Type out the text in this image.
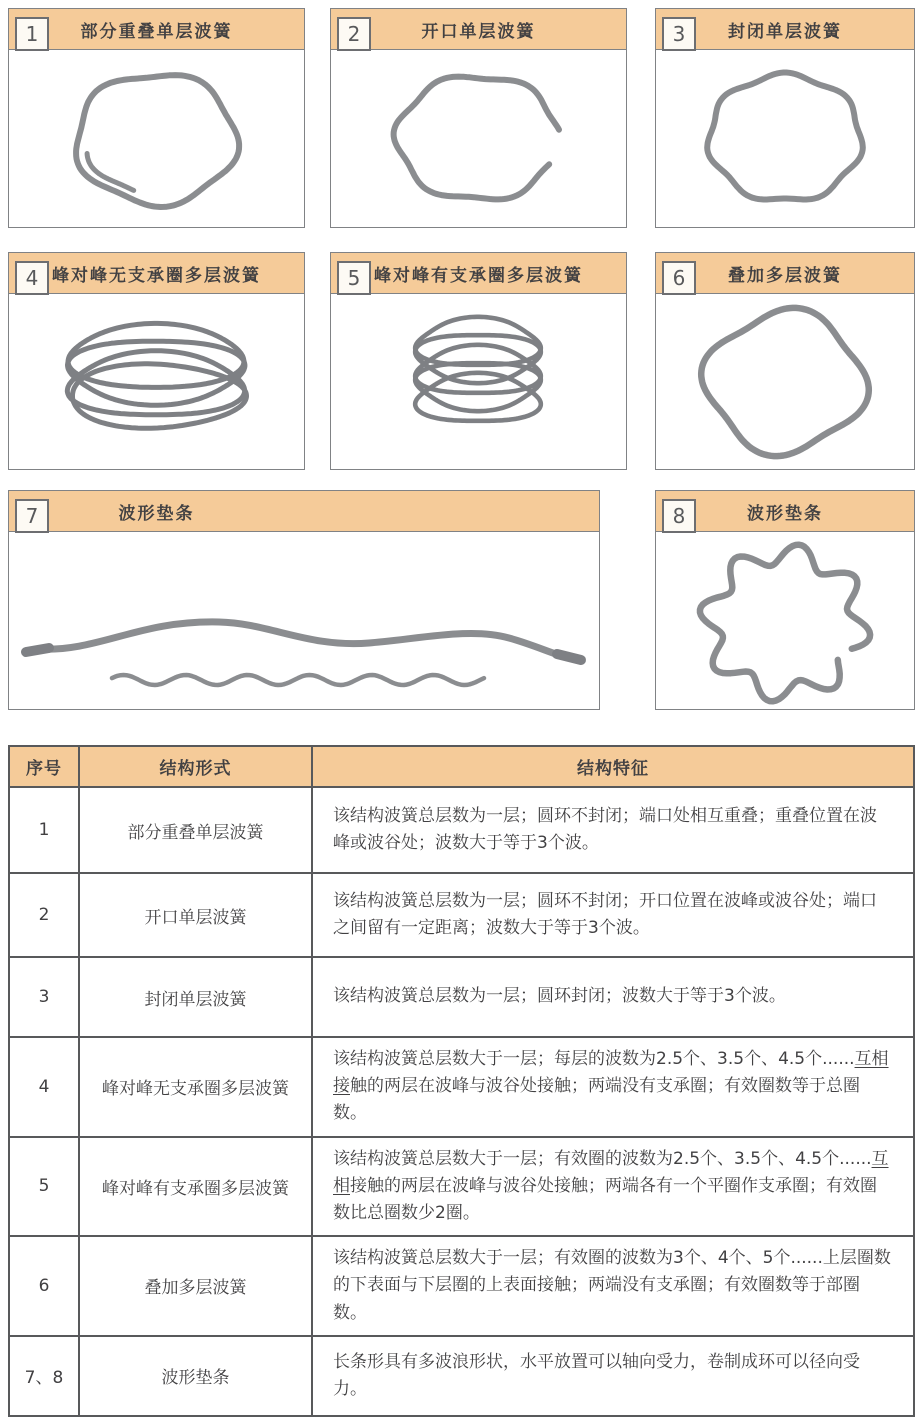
1 部分重叠单层波簧	2	开口单层波簧	3	封闭单层波簧
4 峰对峰无支承圈多层波簧	5 峰对峰有支承圈多层波簧	6	叠加多层波簧
7	波形垫条	8	波形垫条
序号	结构形式	结构特征
1	部分重叠单层波簧	该结构波簧总层数为一层；圆环不封闭；端口处相互重叠；重叠位置在波峰或波谷处；波数大于等于3个波。
2	开口单层波簧	该结构波簧总层数为一层；圆环不封闭；开口位置在波峰或波谷处；端口之间留有一定距离；波数大于等于3个波。
3	封闭单层波簧	该结构波簧总层数为一层；圆环封闭；波数大于等于3个波。
4	峰对峰无支承圈多层波簧	该结构波簧总层数大于一层；每层的波数为2.5个、3.5个、4.5个......互相接触的两层在波峰与波谷处接触；两端没有支承圈；有效圈数等于总圈数。
5	峰对峰有支承圈多层波簧	该结构波簧总层数大于一层；有效圈的波数为2.5个、3.5个、4.5个......互相接触的两层在波峰与波谷处接触；两端各有一个平圈作支承圈；有效圈数比总圈数少2圈。
6	叠加多层波簧	该结构波簧总层数大于一层；有效圈的波数为3个、4个、5个......上层圈数的下表面与下层圈的上表面接触；两端没有支承圈；有效圈数等于部圈数。
7、8	波形垫条	长条形具有多波浪形状，水平放置可以轴向受力，卷制成环可以径向受力。
